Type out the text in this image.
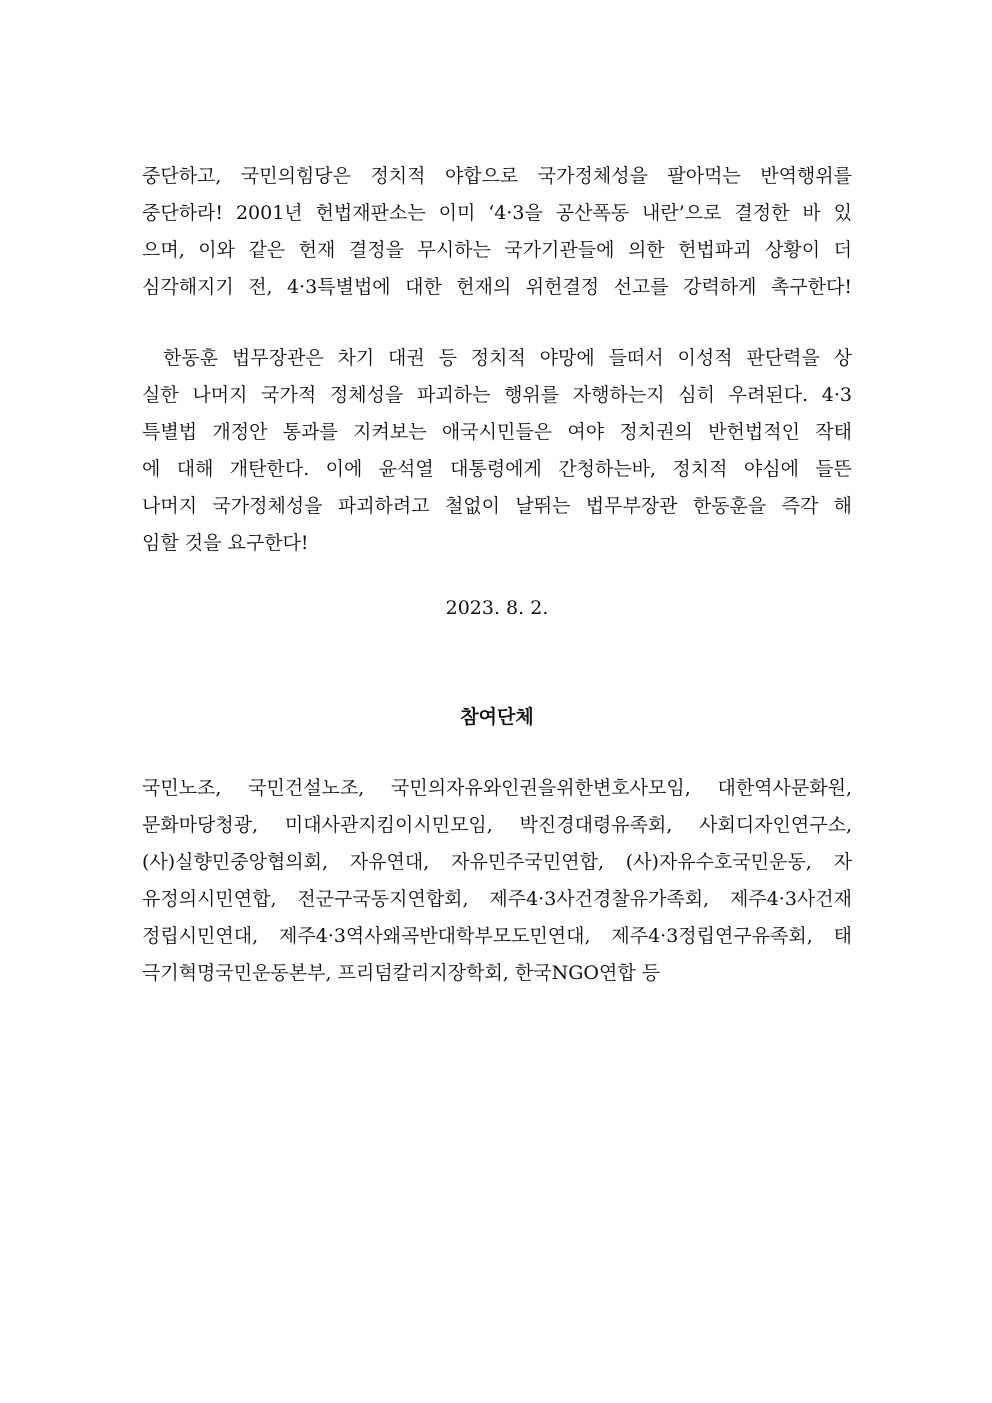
중단하고, 국민의힘당은 정치적 야합으로 국가정체성을 팔아먹는 반역행위를
중단하라! 2001년 헌법재판소는 이미 ‘4·3을 공산폭동 내란’으로 결정한 바 있
으며, 이와 같은 헌재 결정을 무시하는 국가기관들에 의한 헌법파괴 상황이 더
심각해지기 전, 4·3특별법에 대한 헌재의 위헌결정 선고를 강력하게 촉구한다!
한동훈 법무장관은 차기 대권 등 정치적 야망에 들떠서 이성적 판단력을 상
실한 나머지 국가적 정체성을 파괴하는 행위를 자행하는지 심히 우려된다. 4·3
특별법 개정안 통과를 지켜보는 애국시민들은 여야 정치권의 반헌법적인 작태
에 대해 개탄한다. 이에 윤석열 대통령에게 간청하는바, 정치적 야심에 들뜬
나머지 국가정체성을 파괴하려고 철없이 날뛰는 법무부장관 한동훈을 즉각 해
임할 것을 요구한다!
2023. 8. 2.
참여단체
국민노조, 국민건설노조, 국민의자유와인권을위한변호사모임, 대한역사문화원,
문화마당청광, 미대사관지킴이시민모임, 박진경대령유족회, 사회디자인연구소,
(사)실향민중앙협의회, 자유연대, 자유민주국민연합, (사)자유수호국민운동, 자
유정의시민연합, 전군구국동지연합회, 제주4·3사건경찰유가족회, 제주4·3사건재
정립시민연대, 제주4·3역사왜곡반대학부모도민연대, 제주4·3정립연구유족회, 태
극기혁명국민운동본부, 프리덤칼리지장학회, 한국NGO연합 등
